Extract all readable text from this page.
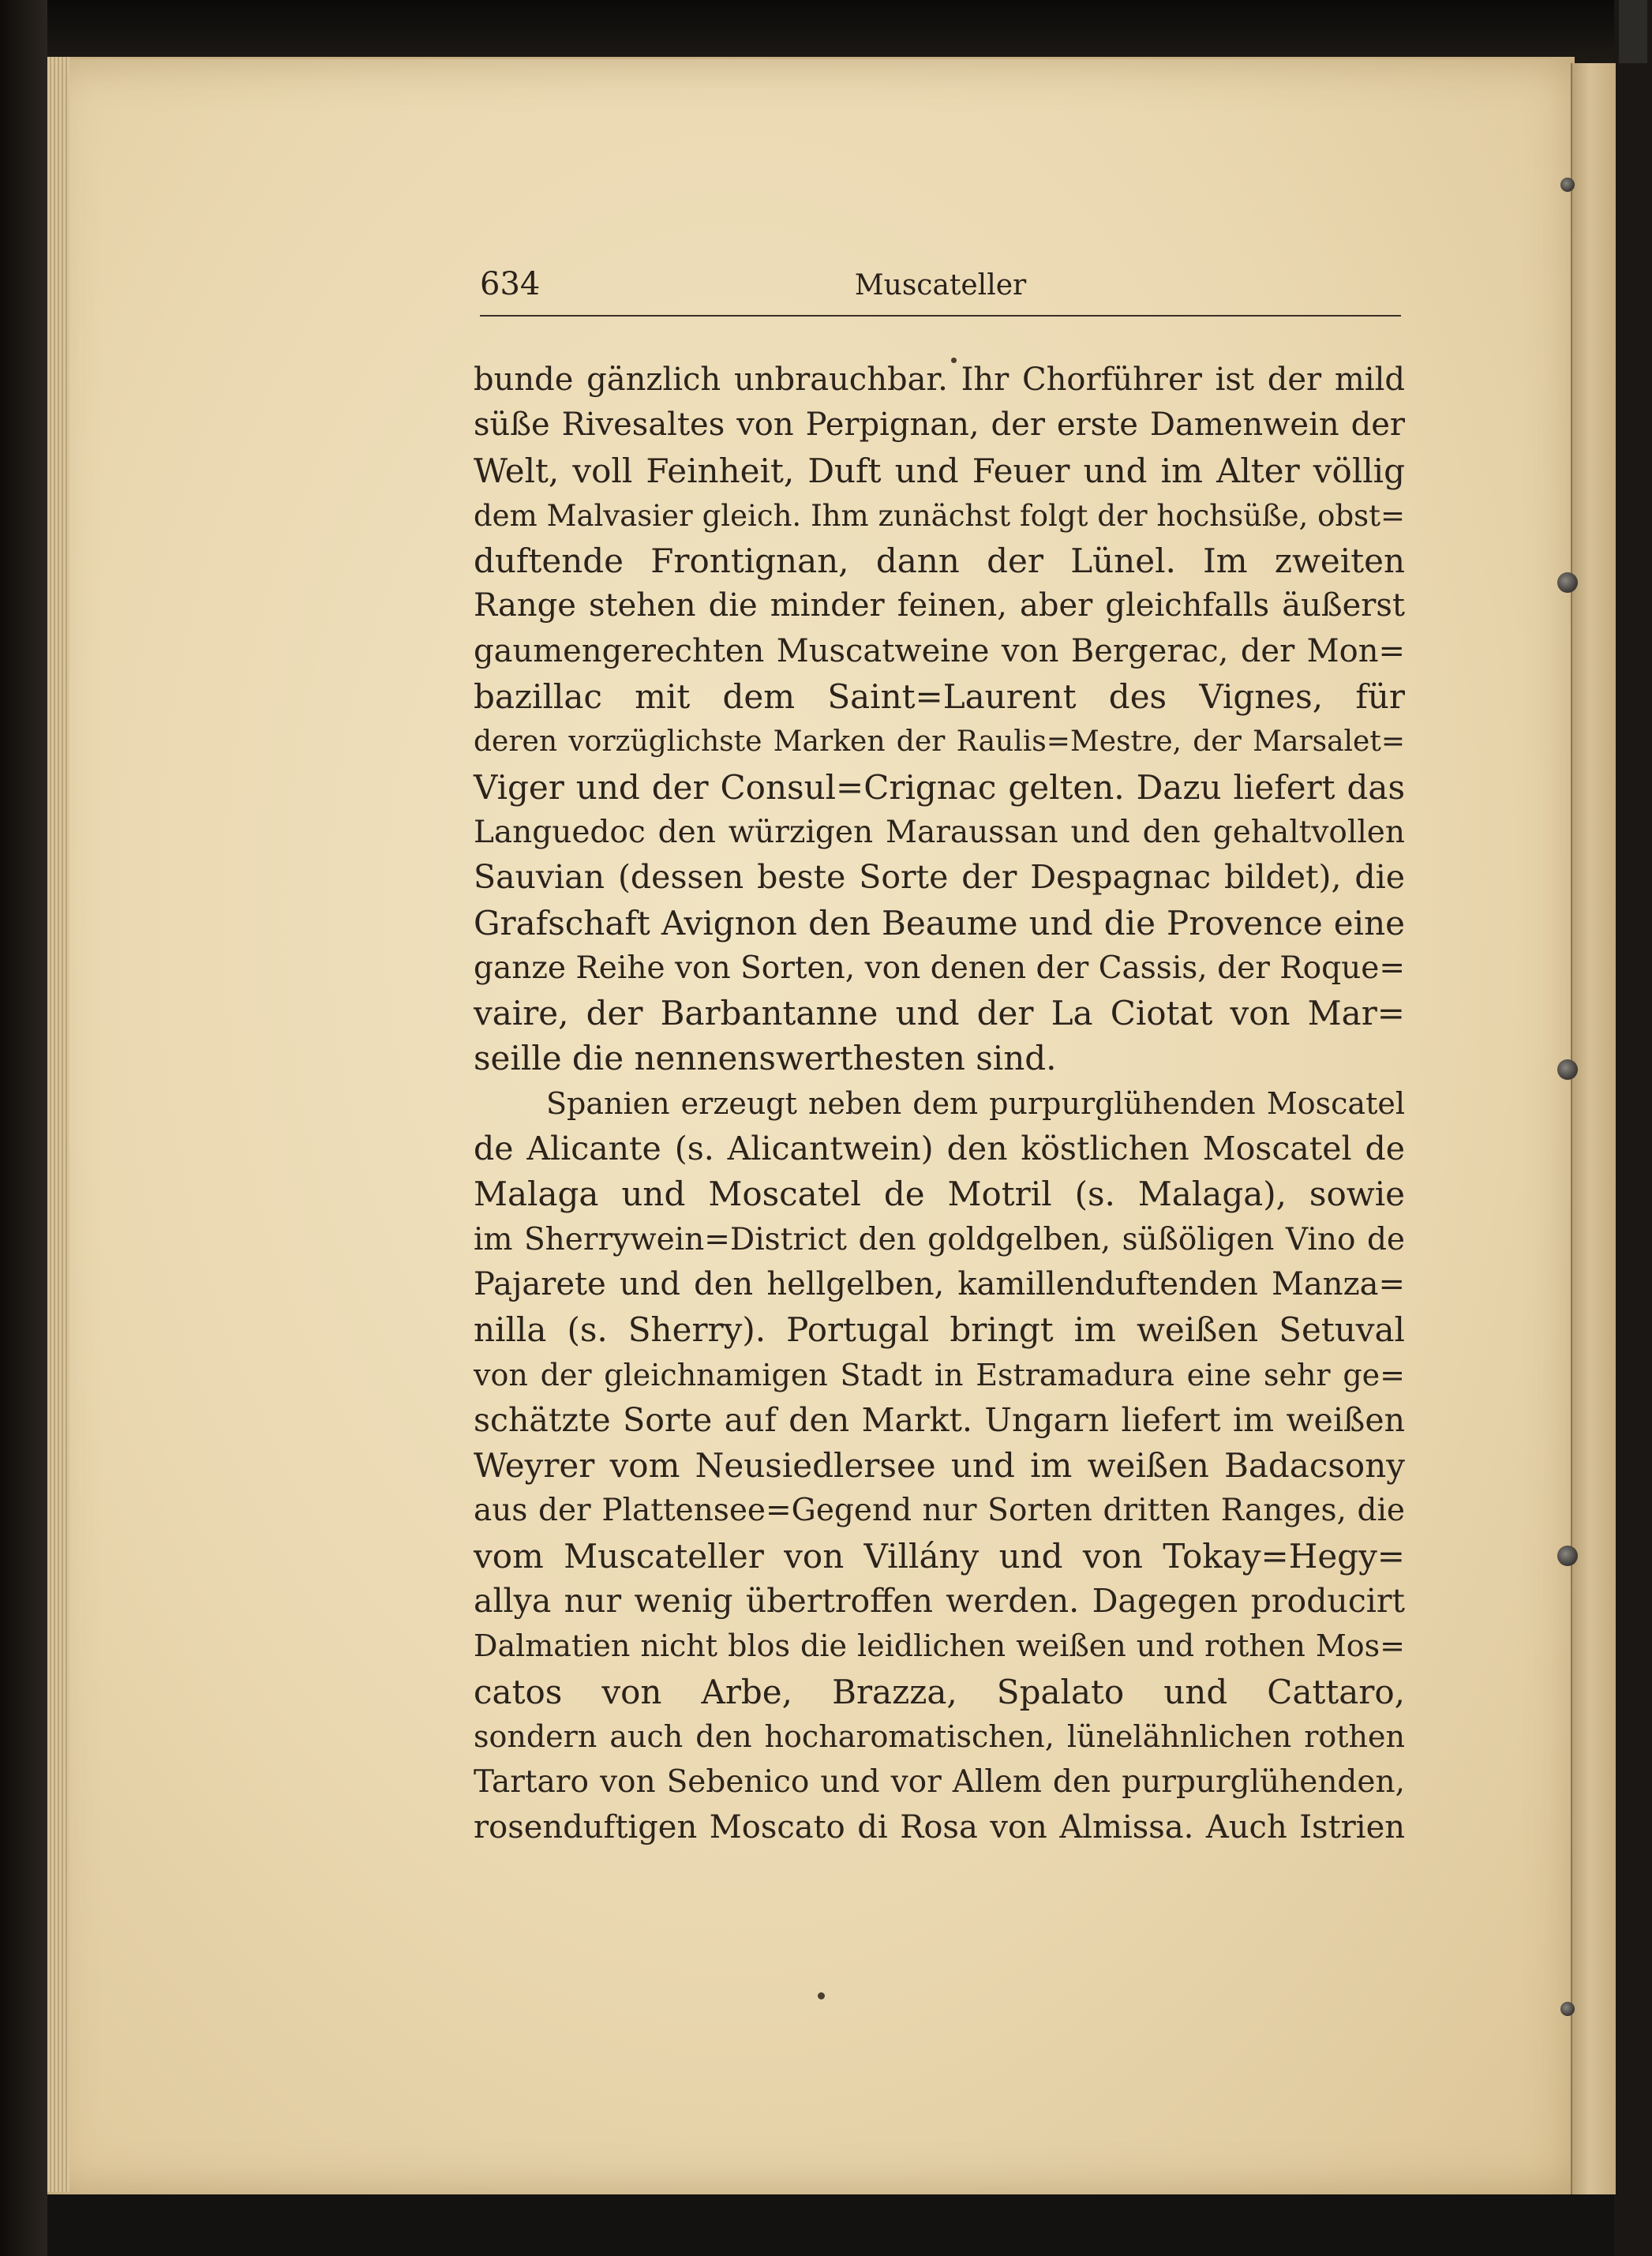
634	Muscateller
bunde gänzlich unbrauchbar. Ihr Chorführer ist der mild
süße Rivesaltes von Perpignan, der erste Damenwein der
Welt, voll Feinheit, Duft und Feuer und im Alter völlig
dem Malvasier gleich. Ihm zunächst folgt der hochsüße, obst=
duftende Frontignan, dann der Lünel. Im zweiten
Range stehen die minder feinen, aber gleichfalls äußerst
gaumengerechten Muscatweine von Bergerac, der Mon=
bazillac mit dem Saint=Laurent des Vignes, für
deren vorzüglichste Marken der Raulis=Mestre, der Marsalet=
Viger und der Consul=Crignac gelten. Dazu liefert das
Languedoc den würzigen Maraussan und den gehaltvollen
Sauvian (dessen beste Sorte der Despagnac bildet), die
Grafschaft Avignon den Beaume und die Provence eine
ganze Reihe von Sorten, von denen der Cassis, der Roque=
vaire, der Barbantanne und der La Ciotat von Mar=
seille die nennenswerthesten sind.
Spanien erzeugt neben dem purpurglühenden Moscatel
de Alicante (s. Alicantwein) den köstlichen Moscatel de
Malaga und Moscatel de Motril (s. Malaga), sowie
im Sherrywein=District den goldgelben, süßöligen Vino de
Pajarete und den hellgelben, kamillenduftenden Manza=
nilla (s. Sherry). Portugal bringt im weißen Setuval
von der gleichnamigen Stadt in Estramadura eine sehr ge=
schätzte Sorte auf den Markt. Ungarn liefert im weißen
Weyrer vom Neusiedlersee und im weißen Badacsony
aus der Plattensee=Gegend nur Sorten dritten Ranges, die
vom Muscateller von Villány und von Tokay=Hegy=
allya nur wenig übertroffen werden. Dagegen producirt
Dalmatien nicht blos die leidlichen weißen und rothen Mos=
catos von Arbe, Brazza, Spalato und Cattaro,
sondern auch den hocharomatischen, lünelähnlichen rothen
Tartaro von Sebenico und vor Allem den purpurglühenden,
rosenduftigen Moscato di Rosa von Almissa. Auch Istrien
